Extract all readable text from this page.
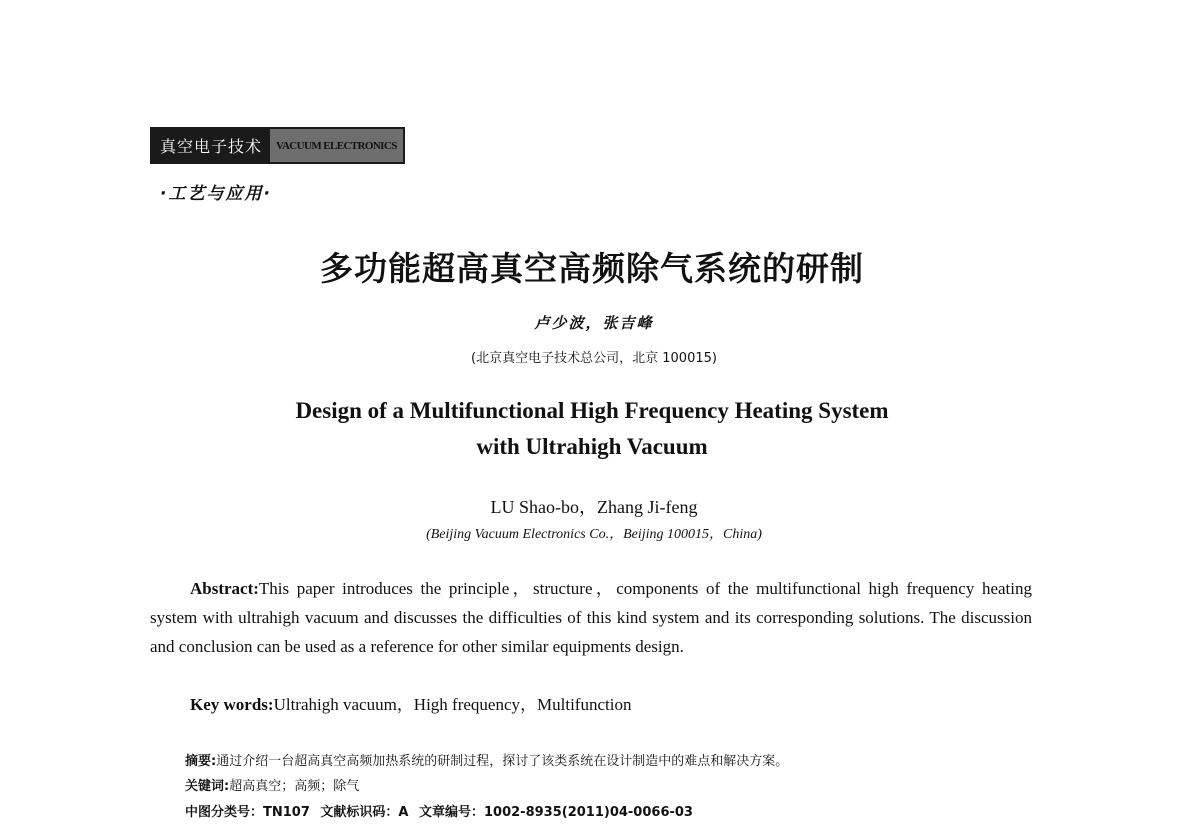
真空电子技术	VACUUM ELECTRONICS
·工艺与应用·
多功能超高真空高频除气系统的研制
卢少波，张吉峰
(北京真空电子技术总公司，北京 100015)
Design of a Multifunctional High Frequency Heating System
with Ultrahigh Vacuum
LU Shao-bo，Zhang Ji-feng
(Beijing Vacuum Electronics Co.，Beijing 100015，China)

Abstract:This paper introduces the principle，structure，components of the multifunctional high frequency heating system with ultrahigh vacuum and discusses the difficulties of this kind system and its corresponding solutions. The discussion and conclusion can be used as a reference for other similar equipments design.

Key words:Ultrahigh vacuum，High frequency，Multifunction

摘要:通过介绍一台超高真空高频加热系统的研制过程，探讨了该类系统在设计制造中的难点和解决方案。

关键词:超高真空；高频；除气

中图分类号：TN107 文献标识码：A 文章编号：1002-8935(2011)04-0066-03
